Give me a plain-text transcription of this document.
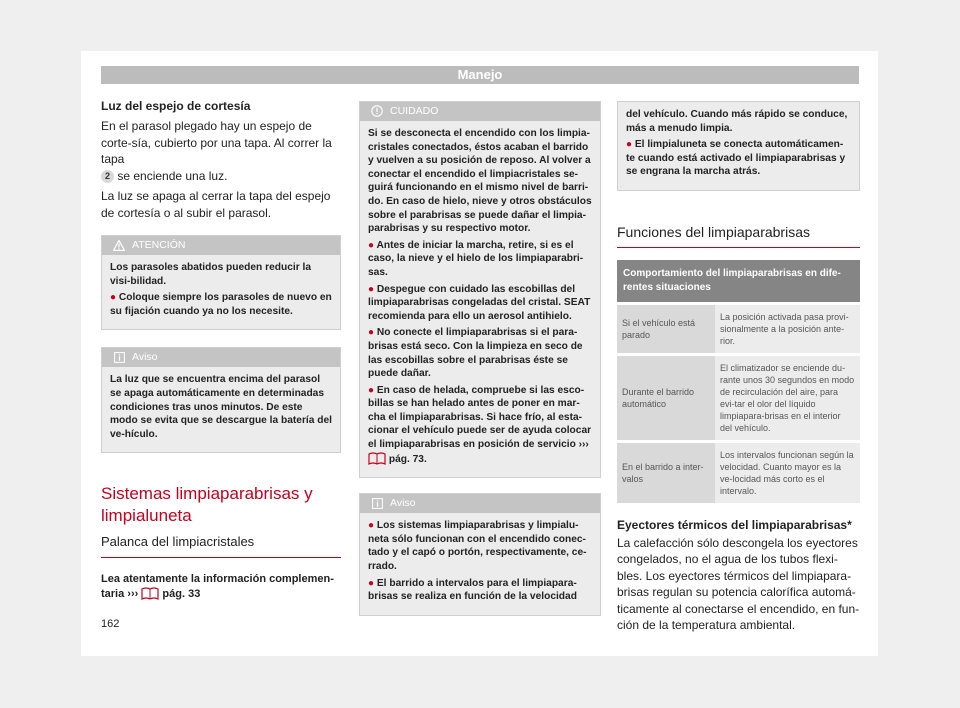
Manejo
Luz del espejo de cortesía

En el parasol plegado hay un espejo de corte-sía, cubierto por una tapa. Al correr la tapa
2 se enciende una luz.

La luz se apaga al cerrar la tapa del espejo de cortesía o al subir el parasol.

ATENCIÓN

Los parasoles abatidos pueden reducir la visi-bilidad.

● Coloque siempre los parasoles de nuevo en su fijación cuando ya no los necesite.

Aviso

La luz que se encuentra encima del parasol se apaga automáticamente en determinadas condiciones tras unos minutos. De este modo se evita que se descargue la batería del ve-hículo.

Sistemas limpiaparabrisas y limpialuneta
Palanca del limpiacristales
Lea atentamente la información complemen-taria ››› pág. 33
CUIDADO

Si se desconecta el encendido con los limpia-cristales conectados, éstos acaban el barrido y vuelven a su posición de reposo. Al volver a conectar el encendido el limpiacristales se-guirá funcionando en el mismo nivel de barri-do. En caso de hielo, nieve y otros obstáculos sobre el parabrisas se puede dañar el limpia-parabrisas y su respectivo motor.

● Antes de iniciar la marcha, retire, si es el caso, la nieve y el hielo de los limpiaparabri-sas.

● Despegue con cuidado las escobillas del limpiaparabrisas congeladas del cristal. SEAT recomienda para ello un aerosol antihielo.

● No conecte el limpiaparabrisas si el para-brisas está seco. Con la limpieza en seco de las escobillas sobre el parabrisas éste se puede dañar.

● En caso de helada, compruebe si las esco-billas se han helado antes de poner en mar-cha el limpiaparabrisas. Si hace frío, al esta-cionar el vehículo puede ser de ayuda colocar el limpiaparabrisas en posición de servicio ›››  pág. 73.

Aviso

● Los sistemas limpiaparabrisas y limpialu-neta sólo funcionan con el encendido conec-tado y el capó o portón, respectivamente, ce-rrado.

● El barrido a intervalos para el limpiapara-brisas se realiza en función de la velocidad

del vehículo. Cuando más rápido se conduce, más a menudo limpia.

● El limpialuneta se conecta automáticamen-te cuando está activado el limpiaparabrisas y se engrana la marcha atrás.

Funciones del limpiaparabrisas
Comportamiento del limpiaparabrisas en dife-rentes situaciones	
Si el vehículo está parado	La posición activada pasa provi-sionalmente a la posición ante-rior.
Durante el barrido automático	El climatizador se enciende du-rante unos 30 segundos en modo de recirculación del aire, para evi-tar el olor del líquido limpiapara-brisas en el interior del vehículo.
En el barrido a inter-valos	Los intervalos funcionan según la velocidad. Cuanto mayor es la ve-locidad más corto es el intervalo.
Eyectores térmicos del limpiaparabrisas*

La calefacción sólo descongela los eyectores congelados, no el agua de los tubos flexi-bles. Los eyectores térmicos del limpiapara-brisas regulan su potencia calorífica automá-ticamente al conectarse el encendido, en fun-ción de la temperatura ambiental.

162
